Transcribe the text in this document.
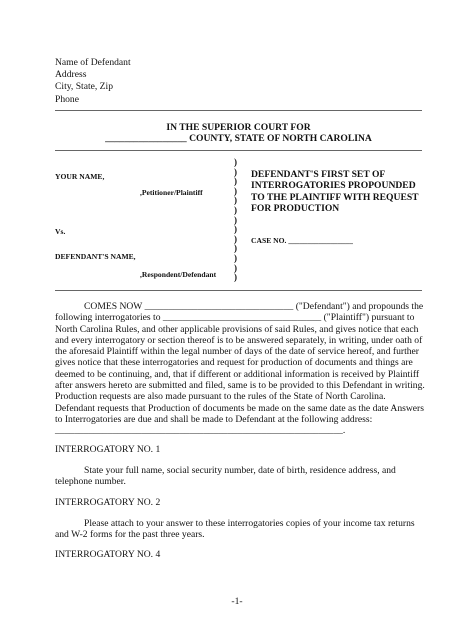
Name of Defendant
Address
City, State, Zip
Phone
IN THE SUPERIOR COURT FOR
_________________ COUNTY, STATE OF NORTH CAROLINA
YOUR NAME,
,Petitioner/Plaintiff
Vs.
DEFENDANT'S NAME,
,Respondent/Defendant
)
)
)
)
)
)
)
)
)
)
)
)
)
DEFENDANT'S FIRST SET OF
INTERROGATORIES PROPOUNDED
TO THE PLAINTIFF WITH REQUEST
FOR PRODUCTION
CASE NO. _________________
COMES NOW _______________________________ ("Defendant") and propounds the
following interrogatories to _________________________________ ("Plaintiff") pursuant to
North Carolina Rules, and other applicable provisions of said Rules, and gives notice that each
and every interrogatory or section thereof is to be answered separately, in writing, under oath of
the aforesaid Plaintiff within the legal number of days of the date of service hereof, and further
gives notice that these interrogatories and request for production of documents and things are
deemed to be continuing, and, that if different or additional information is received by Plaintiff
after answers hereto are submitted and filed, same is to be provided to this Defendant in writing.
Production requests are also made pursuant to the rules of the State of North Carolina.
Defendant requests that Production of documents be made on the same date as the date Answers
to Interrogatories are due and shall be made to Defendant at the following address:
____________________________________________________________.
INTERROGATORY NO. 1
State your full name, social security number, date of birth, residence address, and
telephone number.
INTERROGATORY NO. 2
Please attach to your answer to these interrogatories copies of your income tax returns
and W-2 forms for the past three years.
INTERROGATORY NO. 4
-1-
